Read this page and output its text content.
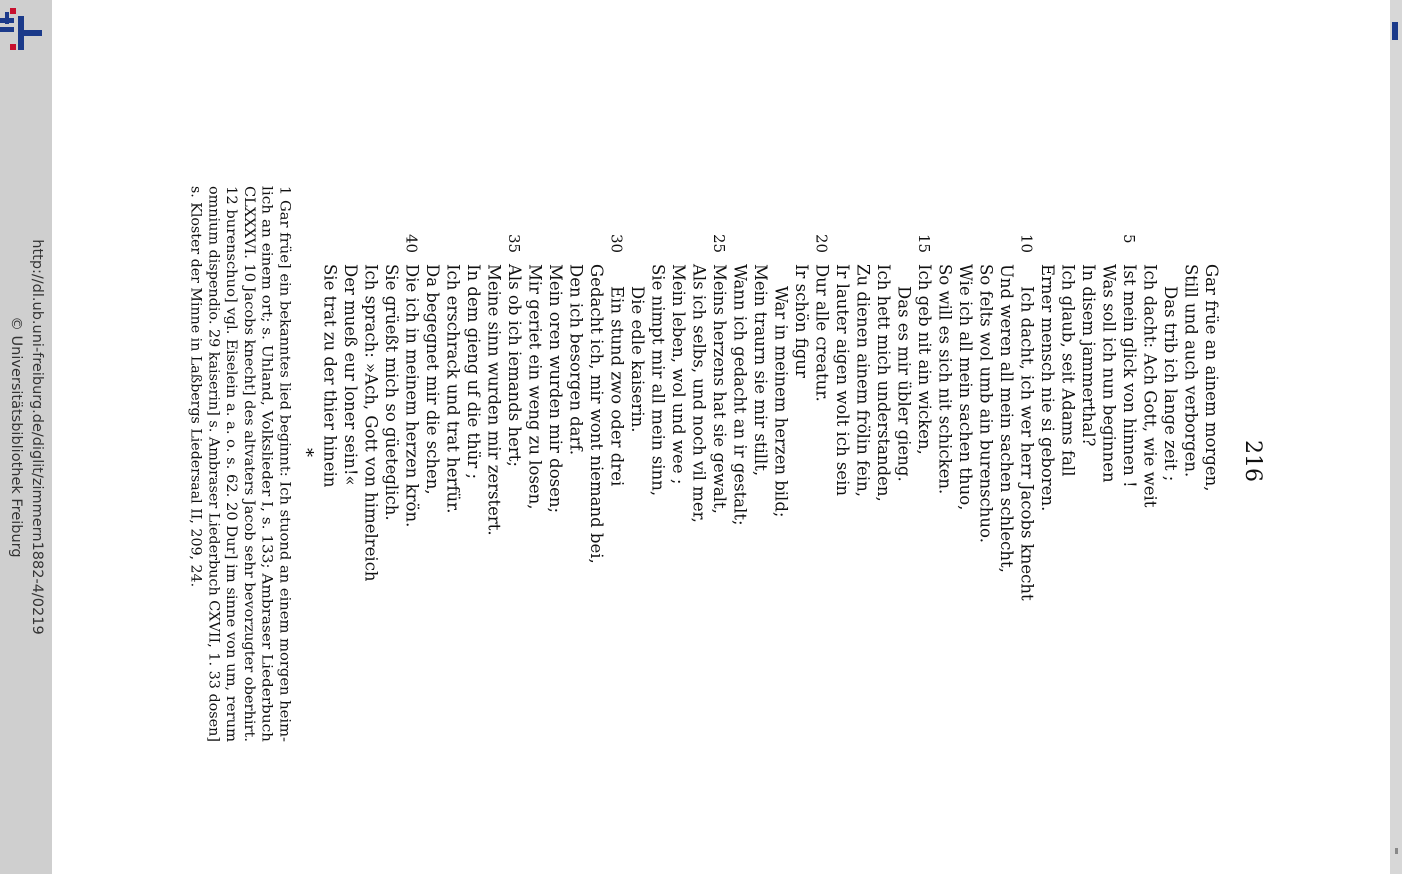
http://dl.ub.uni-freiburg.de/diglit/zimmern1882-4/0219
© Universitätsbibliothek Freiburg	216
Gar früe an ainem morgen,
Still und auch verborgen.
Das trib ich lange zeit ;
Ich dacht: Ach Gott, wie weit
Ist mein glick von hinnen !
5
Was soll ich nun beginnen
In disem jammerthal?
Ich glaub, seit Adams fall
Erner mensch nie si geboren.
Ich dacht, ich wer herr Jacobs knecht
10
Und weren all mein sachen schlecht,
So felts wol umb ain burenschuo.
Wie ich all mein sachen thuo,
So will es sich nit schicken.
Ich geb nit ain wicken,
15
Das es mir übler gieng.
Ich hett mich understanden,
Zu dienen ainem frölin fein,
Ir lauter aigen wolt ich sein
Dur alle creatur.
20
Ir schön figur
War in meinem herzen bild;
Mein traurn sie mir stillt,
Wann ich gedacht an ir gestalt;
Meins herzens hat sie gewalt,
25
Als ich selbs, und noch vil mer,
Mein leben, wol und wee ;
Sie nimpt mir all mein sinn,
Die edle kaiserin.
Ein stund zwo oder drei
30
Gedacht ich, mir wont niemand bei,
Den ich besorgen darf.
Mein oren wurden mir dosen;
Mir geriet ein weng zu losen,
Als ob ich iemands hert;
35
Meine sinn wurden mir zerstert.
In dem gieng uf die thür ;
Ich erschrack und trat herfür.
Da begegnet mir die schen,
Die ich in meinem herzen krön.
40
Sie grüeßt mich so güeteglich.
Ich sprach: »Ach, Gott von himelreich
Der mueß eur loner sein!«
Sie trat zu der thier hinein
*
1 Gar früe] ein bekanntes lied beginnt: Ich stuond an einem morgen heim-
lich an einem ort; s. Uhland, Volkslieder I, s. 133; Ambraser Liederbuch
CLXXXVI. 10 Jacobs knecht] des altvaters Jacob sehr bevorzugter oberhirt.
12 burenschuo] vgl. Eiselein a. a. o. s. 62. 20 Dur] im sinne von um, rerum
omnium dispendio. 29 kaiserin] s. Ambraser Liederbuch CXVII, 1. 33 dosen]
s. Kloster der Minne in Laßbergs Liedersaal II, 209, 24.
